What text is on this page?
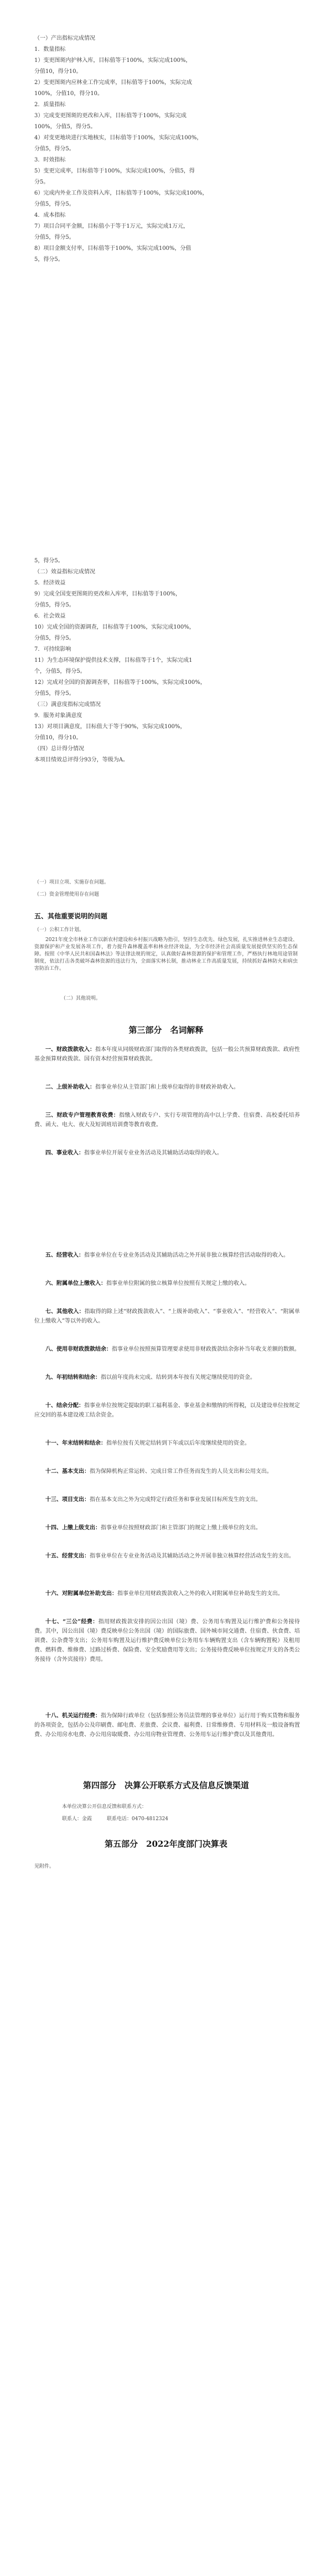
（一）产出指标完成情况
1．数量指标
1）变更图斑内护林入库，目标值等于100%，实际完成100%，
分值10，得分10。
2）变更图斑内应林业工作完成率，目标值等于100%，实际完成
100%，分值10，得分10。
2．质量指标
3）完成变更图斑的更改和入库，目标值等于100%，实际完成
100%，分值5，得分5。
4）对变更地块进行实地核实，目标值等于100%，实际完成100%，
分值5，得分5。
3．时效指标
5）变更完成率，目标值等于100%，实际完成100%，分值5，得
分5。
6）完成内外业工作及资料入库，目标值等于100%，实际完成100%，
分值5，得分5。
4．成本指标
7）项目合同平金额，目标值小于等于1万元，实际完成1万元，
分值5，得分5。
8）项目金额支付率，目标值等于100%，实际完成100%，分值
5，得分5。
5，得分5。
（二）效益指标完成情况
5．经济效益
9）完成全国变更图斑的更改和入库率，目标值等于100%，
分值5，得分5。
6．社会效益
10）完成全国的资源调查，目标值等于100%，实际完成100%，
分值5，得分5。
7．可持续影响
11）为生态环境保护提供技术支撑，目标值等于1个，实际完成1
个，分值5，得分5。
12）完成对全国的资源调查率，目标值等于100%，实际完成100%，
分值5，得分5。
（三）满意度指标完成情况
9．服务对象满意度
13）对项目满意度，目标值大于等于90%，实际完成100%，
分值10，得分10。
（四）总计得分情况
本项目绩效总评得分93分，等级为A。
（一）项目立项、实施存在问题。
（二）资金管理使用存在问题
五、其他重要说明的问题
（一）公积工作计划。
2021年度全市林业工作以新农村建设和乡村振兴战略为指引，坚持生态优先、绿色发展，扎实推进林业生态建设、资源保护和产业发展各项工作，着力提升森林覆盖率和林业经济效益，为全市经济社会高质量发展提供坚实的生态保障。按照《中华人民共和国森林法》等法律法规的规定，认真做好森林资源的保护和管理工作，严格执行林地用途管制制度，依法打击各类破坏森林资源的违法行为，全面落实林长制，推动林业工作高质量发展，持续抓好森林防火和病虫害防治工作。
（二）其他说明。
第三部分　名词解释
一、财政拨款收入：指本年度从同级财政部门取得的各类财政拨款，包括一般公共预算财政拨款、政府性基金预算财政拨款、国有资本经营预算财政拨款。
二、上级补助收入：指事业单位从主管部门和上级单位取得的非财政补助收入。
三、财政专户管理教育收费：指缴入财政专户、实行专项管理的高中以上学费、住宿费、高校委托培养费、函大、电大、夜大及短训班培训费等教育收费。
四、事业收入：指事业单位开展专业业务活动及其辅助活动取得的收入。
五、经营收入：指事业单位在专业业务活动及其辅助活动之外开展非独立核算经营活动取得的收入。
六、附属单位上缴收入：指事业单位附属的独立核算单位按照有关规定上缴的收入。
七、其他收入：指取得的除上述“财政拨款收入”、“上级补助收入”、“事业收入”、“经营收入”、“附属单位上缴收入”等以外的收入。
八、使用非财政拨款结余：指事业单位按照预算管理要求使用非财政拨款结余弥补当年收支差额的数额。
九、年初结转和结余：指以前年度尚未完成、结转到本年按有关规定继续使用的资金。
十、结余分配：指事业单位按规定提取的职工福利基金、事业基金和缴纳的所得税，以及建设单位按规定应交回的基本建设竣工结余资金。
十一、年末结转和结余：指单位按有关规定结转到下年或以后年度继续使用的资金。
十二、基本支出：指为保障机构正常运转、完成日常工作任务而发生的人员支出和公用支出。
十三、项目支出：指在基本支出之外为完成特定行政任务和事业发展目标所发生的支出。
十四、上缴上级支出：指事业单位按照财政部门和主管部门的规定上缴上级单位的支出。
十五、经营支出：指事业单位在专业业务活动及其辅助活动之外开展非独立核算经营活动发生的支出。
十六、对附属单位补助支出：指事业单位用财政拨款收入之外的收入对附属单位补助发生的支出。
十七、“三公”经费：指用财政拨款安排的因公出国（境）费、公务用车购置及运行维护费和公务接待费。其中，因公出国（境）费反映单位公务出国（境）的国际旅费、国外城市间交通费、住宿费、伙食费、培训费、公杂费等支出；公务用车购置及运行维护费反映单位公务用车车辆购置支出（含车辆购置税）及租用费、燃料费、维修费、过路过桥费、保险费、安全奖励费用等支出；公务接待费反映单位按规定开支的各类公务接待（含外宾接待）费用。
十八、机关运行经费：指为保障行政单位（包括参照公务员法管理的事业单位）运行用于购买货物和服务的各项资金，包括办公及印刷费、邮电费、差旅费、会议费、福利费、日常维修费、专用材料及一般设备购置费、办公用房水电费、办公用房取暖费、办公用房物业管理费、公务用车运行维护费以及其他费用。
第四部分　决算公开联系方式及信息反馈渠道
本单位决算公开信息反馈和联系方式：
联系人：金霞　　　联系电话：0470-4812324
第五部分　2022年度部门决算表
见附件。
